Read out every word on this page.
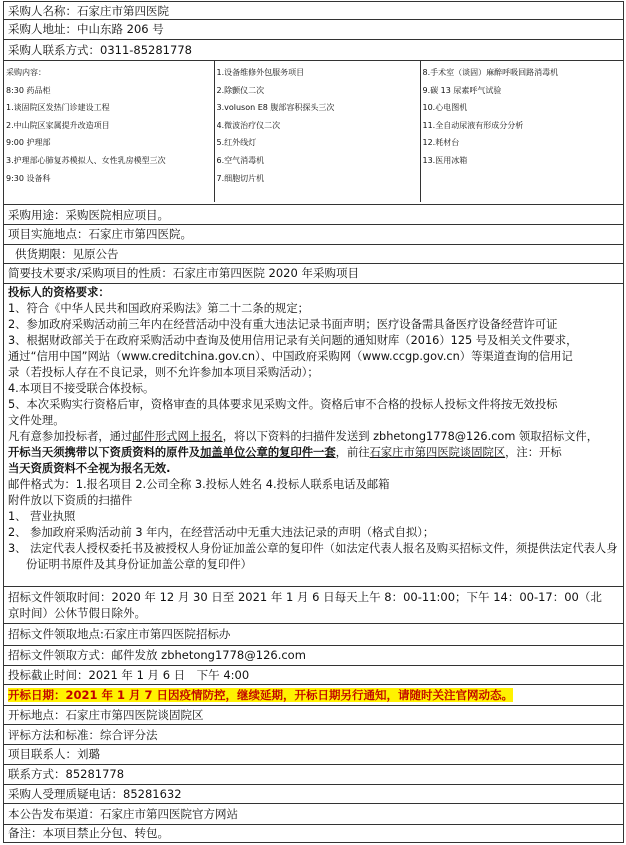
采购人名称：石家庄市第四医院
采购人地址：中山东路 206 号
采购人联系方式：0311-85281778

采购内容：
8:30 药品柜
1.谈固院区发热门诊建设工程
2.中山院区家属提升改造项目
9:00 护理部
3.护理部心肺复苏模拟人、女性乳房模型三次
9:30 设备科

1.设备维修外包服务项目
2.除颤仪二次
3.voluson E8 腹部容积探头三次
4.微波治疗仪二次
5.红外线灯
6.空气消毒机
7.细胞切片机

8.手术室（谈固）麻醉呼吸回路消毒机
9.碳 13 尿素呼气试验
10.心电图机
11.全自动尿液有形成分分析
12.耗材台
13.医用冰箱

采购用途：采购医院相应项目。
项目实施地点：石家庄市第四医院。
供货期限：见原公告
简要技术要求/采购项目的性质：石家庄市第四医院 2020 年采购项目

投标人的资格要求：

1、符合《中华人民共和国政府采购法》第二十二条的规定；

2、参加政府采购活动前三年内在经营活动中没有重大违法记录书面声明；医疗设备需具备医疗设备经营许可证

3、根据财政部关于在政府采购活动中查询及使用信用记录有关问题的通知财库（2016）125 号及相关文件要求，

通过“信用中国”网站（www.creditchina.gov.cn）、中国政府采购网（www.ccgp.gov.cn）等渠道查询的信用记

录（若投标人存在不良记录，则不允许参加本项目采购活动）；

4.本项目不接受联合体投标。

5、本次采购实行资格后审，资格审查的具体要求见采购文件。资格后审不合格的投标人投标文件将按无效投标

文件处理。

凡有意参加投标者，通过邮件形式网上报名，将以下资料的扫描件发送到 zbhetong1778@126.com 领取招标文件，

开标当天须携带以下资质资料的原件及加盖单位公章的复印件一套，前往石家庄市第四医院谈固院区，注：开标

当天资质资料不全视为报名无效.

邮件格式为：1.报名项目 2.公司全称 3.投标人姓名 4.投标人联系电话及邮箱

附件放以下资质的扫描件

1、 营业执照

2、 参加政府采购活动前 3 年内，在经营活动中无重大违法记录的声明（格式自拟）；

3、 法定代表人授权委托书及被授权人身份证加盖公章的复印件（如法定代表人报名及购买招标文件，须提供法定代表人身份证明书原件及其身份证加盖公章的复印件）

招标文件领取时间：2020 年 12 月 30 日至 2021 年 1 月 6 日每天上午 8：00-11:00；下午 14：00-17：00（北
京时间）公休节假日除外。

招标文件领取地点:石家庄市第四医院招标办
招标文件领取方式：邮件发放 zbhetong1778@126.com
投标截止时间：2021 年 1 月 6 日　下午 4:00
开标日期：2021 年 1 月 7 日因疫情防控，继续延期，开标日期另行通知，请随时关注官网动态。
开标地点：石家庄市第四医院谈固院区
评标方法和标准：综合评分法
项目联系人：刘璐
联系方式：85281778
采购人受理质疑电话：85281632
本公告发布渠道：石家庄市第四医院官方网站
备注：本项目禁止分包、转包。
